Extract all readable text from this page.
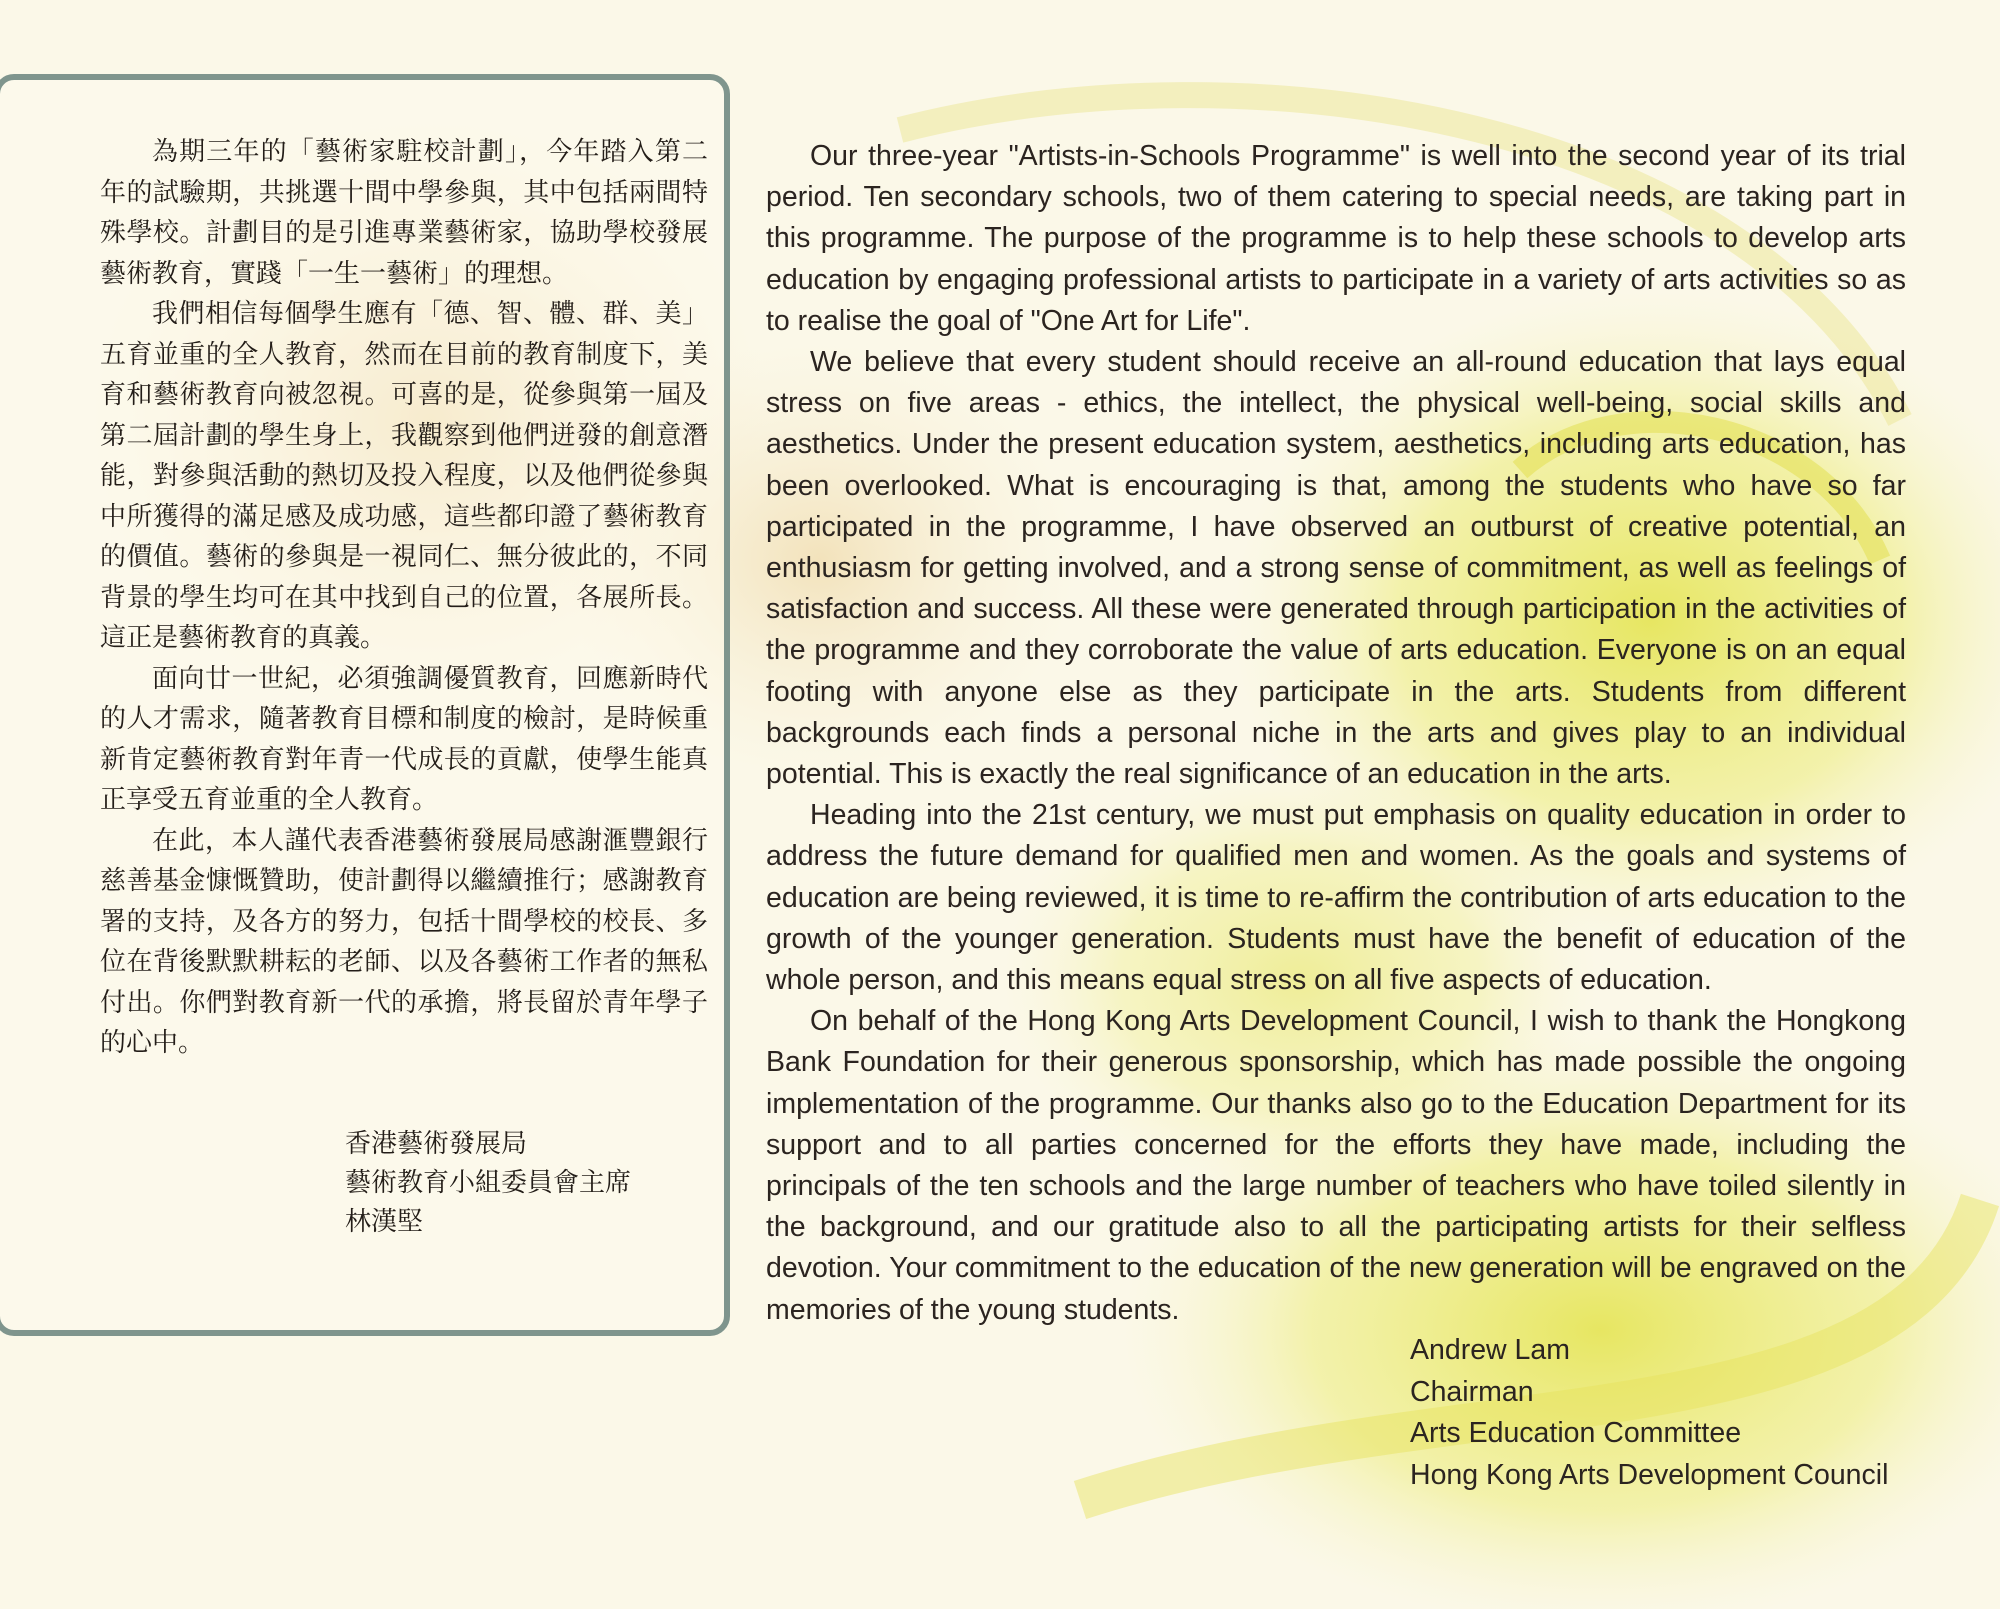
為期三年的「藝術家駐校計劃」，今年踏入第二年的試驗期，共挑選十間中學參與，其中包括兩間特殊學校。計劃目的是引進專業藝術家，協助學校發展藝術教育，實踐「一生一藝術」的理想。

我們相信每個學生應有「德、智、體、群、美」五育並重的全人教育，然而在目前的教育制度下，美育和藝術教育向被忽視。可喜的是，從參與第一屆及第二屆計劃的學生身上，我觀察到他們迸發的創意潛能，對參與活動的熱切及投入程度，以及他們從參與中所獲得的滿足感及成功感，這些都印證了藝術教育的價值。藝術的參與是一視同仁、無分彼此的，不同背景的學生均可在其中找到自己的位置，各展所長。這正是藝術教育的真義。

面向廿一世紀，必須強調優質教育，回應新時代的人才需求，隨著教育目標和制度的檢討，是時候重新肯定藝術教育對年青一代成長的貢獻，使學生能真正享受五育並重的全人教育。

在此，本人謹代表香港藝術發展局感謝滙豐銀行慈善基金慷慨贊助，使計劃得以繼續推行；感謝教育署的支持，及各方的努力，包括十間學校的校長、多位在背後默默耕耘的老師、以及各藝術工作者的無私付出。你們對教育新一代的承擔，將長留於青年學子的心中。

香港藝術發展局
藝術教育小組委員會主席
林漢堅

Our three-year "Artists-in-Schools Programme" is well into the second year of its trial period. Ten secondary schools, two of them catering to special needs, are taking part in this programme. The purpose of the programme is to help these schools to develop arts education by engaging professional artists to participate in a variety of arts activities so as to realise the goal of "One Art for Life".

We believe that every student should receive an all-round education that lays equal stress on five areas - ethics, the intellect, the physical well-being, social skills and aesthetics. Under the present education system, aesthetics, including arts education, has been overlooked. What is encouraging is that, among the students who have so far participated in the programme, I have observed an outburst of creative potential, an enthusiasm for getting involved, and a strong sense of commitment, as well as feelings of satisfaction and success. All these were generated through participation in the activities of the programme and they corroborate the value of arts education. Everyone is on an equal footing with anyone else as they participate in the arts. Students from different backgrounds each finds a personal niche in the arts and gives play to an individual potential. This is exactly the real significance of an education in the arts.

Heading into the 21st century, we must put emphasis on quality education in order to address the future demand for qualified men and women. As the goals and systems of education are being reviewed, it is time to re-affirm the contribution of arts education to the growth of the younger generation. Students must have the benefit of education of the whole person, and this means equal stress on all five aspects of education.

On behalf of the Hong Kong Arts Development Council, I wish to thank the Hongkong Bank Foundation for their generous sponsorship, which has made possible the ongoing implementation of the programme. Our thanks also go to the Education Department for its support and to all parties concerned for the efforts they have made, including the principals of the ten schools and the large number of teachers who have toiled silently in the background, and our gratitude also to all the participating artists for their selfless devotion. Your commitment to the education of the new generation will be engraved on the memories of the young students.

Andrew Lam
Chairman
Arts Education Committee
Hong Kong Arts Development Council
